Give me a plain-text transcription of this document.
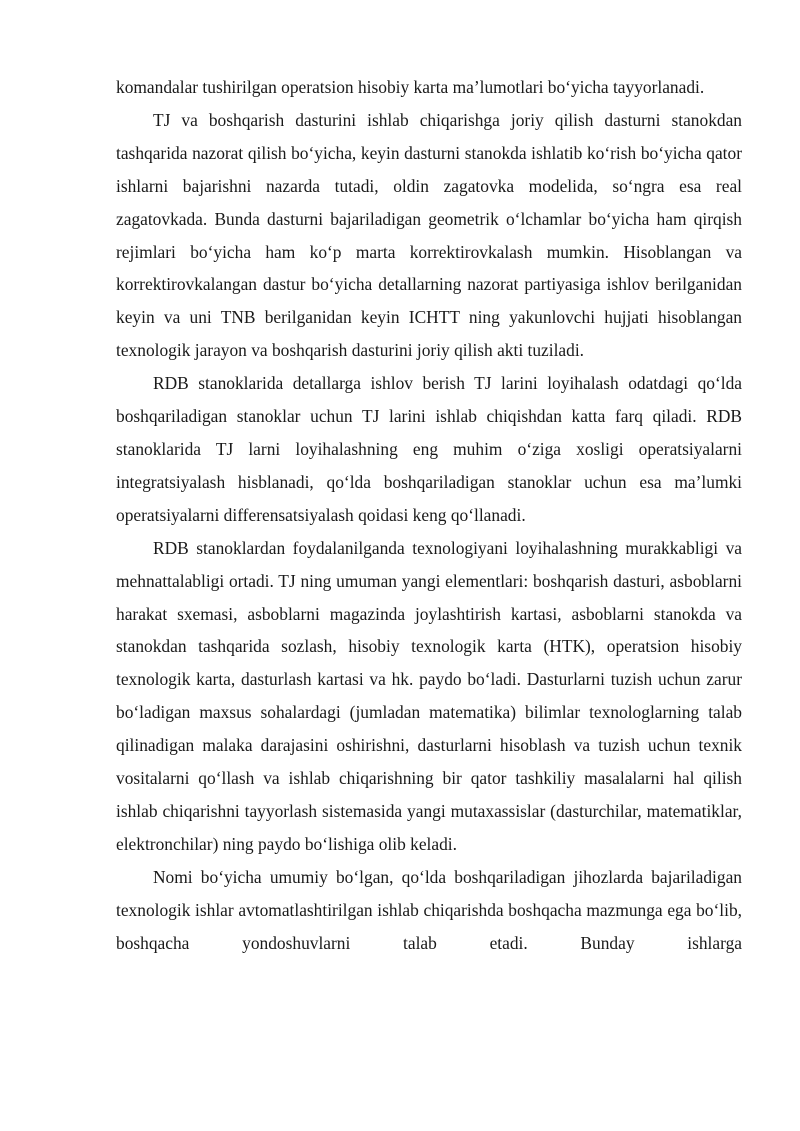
komandalar tushirilgan operatsion hisobiy karta ma’lumotlari bo‘yicha tayyorlanadi.

TJ va boshqarish dasturini ishlab chiqarishga joriy qilish dasturni stanokdan tashqarida nazorat qilish bo‘yicha, keyin dasturni stanokda ishlatib ko‘rish bo‘yicha qator ishlarni bajarishni nazarda tutadi, oldin zagatovka modelida, so‘ngra esa real zagatovkada. Bunda dasturni bajariladigan geometrik o‘lchamlar bo‘yicha ham qirqish rejimlari bo‘yicha ham ko‘p marta korrektirovkalash mumkin. Hisoblangan va korrektirovkalangan dastur bo‘yicha detallarning nazorat partiyasiga ishlov berilganidan keyin va uni TNB berilganidan keyin ICHTT ning yakunlovchi hujjati hisoblangan texnologik jarayon va boshqarish dasturini joriy qilish akti tuziladi.

RDB stanoklarida detallarga ishlov berish TJ larini loyihalash odatdagi qo‘lda boshqariladigan stanoklar uchun TJ larini ishlab chiqishdan katta farq qiladi. RDB stanoklarida TJ larni loyihalashning eng muhim o‘ziga xosligi operatsiyalarni integratsiyalash hisblanadi, qo‘lda boshqariladigan stanoklar uchun esa ma’lumki operatsiyalarni differensatsiyalash qoidasi keng qo‘llanadi.

RDB stanoklardan foydalanilganda texnologiyani loyihalashning murakkabligi va mehnattalabligi ortadi. TJ ning umuman yangi elementlari: boshqarish dasturi, asboblarni harakat sxemasi, asboblarni magazinda joylashtirish kartasi, asboblarni stanokda va stanokdan tashqarida sozlash, hisobiy texnologik karta (HTK), operatsion hisobiy texnologik karta, dasturlash kartasi va hk. paydo bo‘ladi. Dasturlarni tuzish uchun zarur bo‘ladigan maxsus sohalardagi (jumladan matematika) bilimlar texnologlarning talab qilinadigan malaka darajasini oshirishni, dasturlarni hisoblash va tuzish uchun texnik vositalarni qo‘llash va ishlab chiqarishning bir qator tashkiliy masalalarni hal qilish ishlab chiqarishni tayyorlash sistemasida yangi mutaxassislar (dasturchilar, matematiklar, elektronchilar) ning paydo bo‘lishiga olib keladi.

Nomi bo‘yicha umumiy bo‘lgan, qo‘lda boshqariladigan jihozlarda bajariladigan texnologik ishlar avtomatlashtirilgan ishlab chiqarishda boshqacha mazmunga ega bo‘lib, boshqacha yondoshuvlarni talab etadi. Bunday ishlarga
